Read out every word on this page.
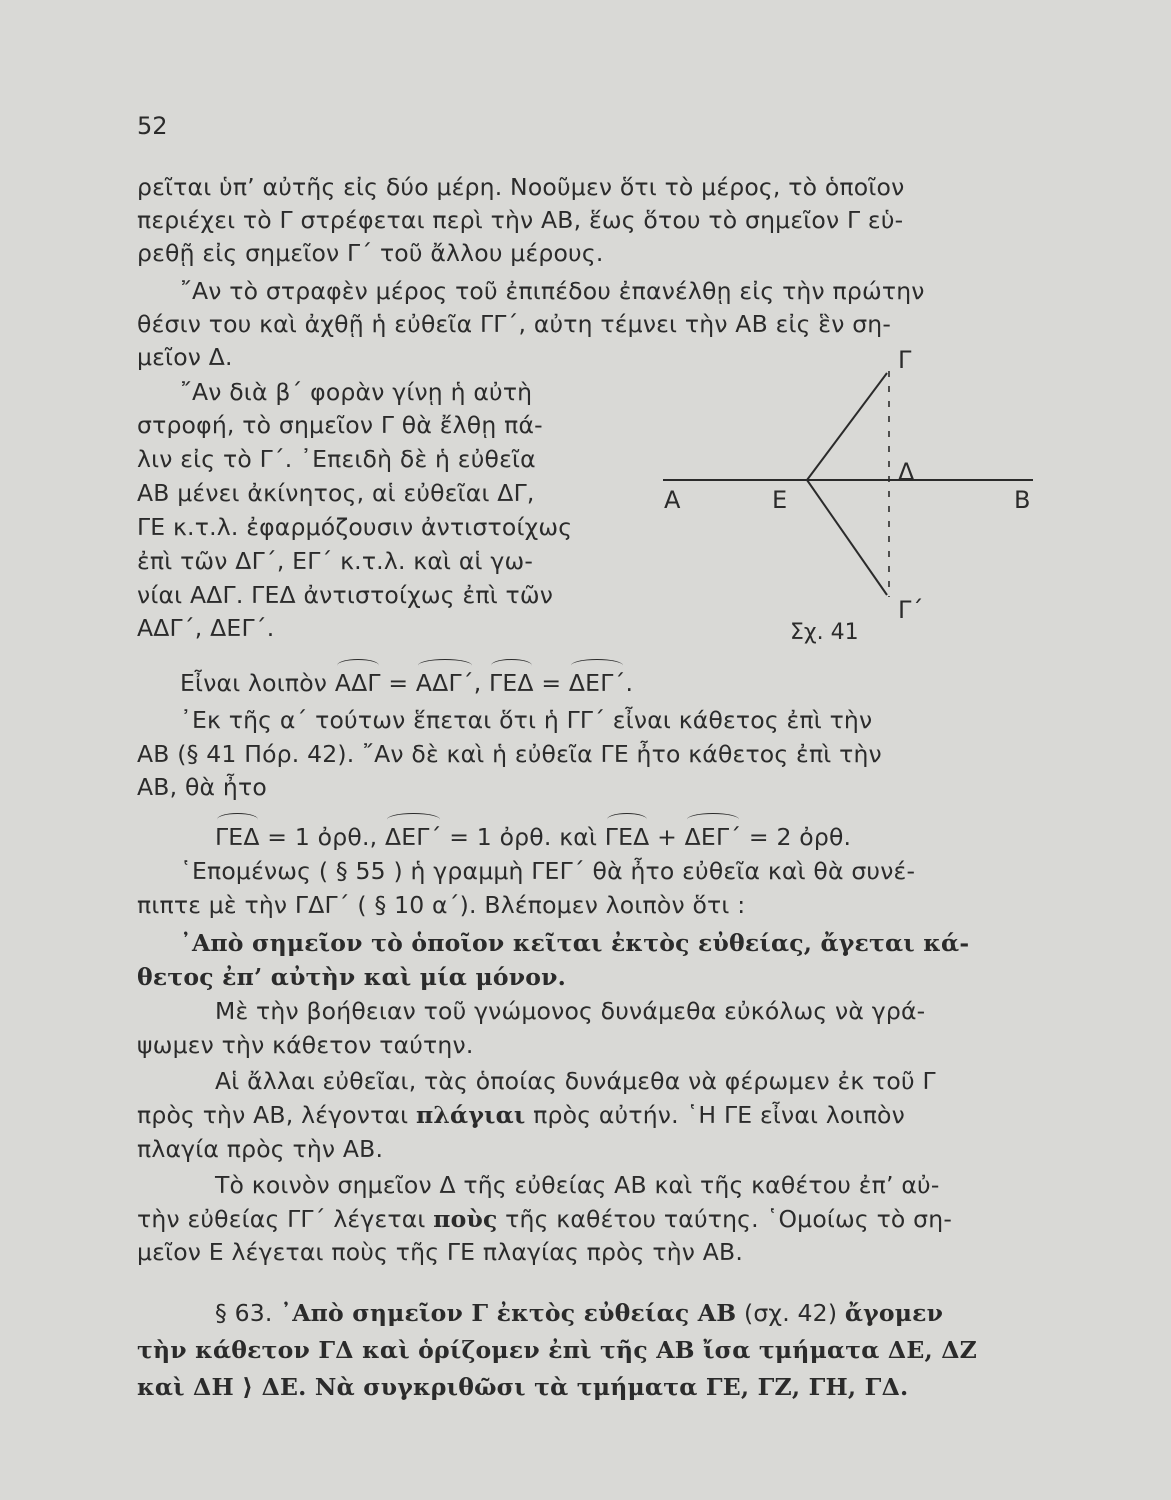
52
ρεῖται ὑπ’ αὐτῆς εἰς δύο μέρη. Νοοῦμεν ὅτι τὸ μέρος, τὸ ὁποῖον
περιέχει τὸ Γ στρέφεται περὶ τὴν ΑΒ, ἕως ὅτου τὸ σημεῖον Γ εὑ-
ρεθῇ εἰς σημεῖον Γ΄ τοῦ ἄλλου μέρους.
῎Αν τὸ στραφὲν μέρος τοῦ ἐπιπέδου ἐπανέλθῃ εἰς τὴν πρώτην
θέσιν του καὶ ἀχθῇ ἡ εὐθεῖα ΓΓ΄, αὐτη τέμνει τὴν ΑΒ εἰς ἓν ση-
μεῖον Δ.
῎Αν διὰ β΄ φορὰν γίνῃ ἡ αὐτὴ
στροφή, τὸ σημεῖον Γ θὰ ἔλθῃ πά-
λιν εἰς τὸ Γ΄. ᾿Επειδὴ δὲ ἡ εὐθεῖα
ΑΒ μένει ἀκίνητος, αἱ εὐθεῖαι ΔΓ,
ΓΕ κ.τ.λ. ἐφαρμόζουσιν ἀντιστοίχως
ἐπὶ τῶν ΔΓ΄, ΕΓ΄ κ.τ.λ. καὶ αἱ γω-
νίαι ΑΔΓ. ΓΕΔ ἀντιστοίχως ἐπὶ τῶν
ΑΔΓ΄, ΔΕΓ΄.
Γ
Δ
Α	Ε	Β
Γ΄
Σχ. 41
Εἶναι λοιπὸν ΑΔΓ = ΑΔΓ΄, ΓΕΔ = ΔΕΓ΄.
᾿Εκ τῆς α΄ τούτων ἕπεται ὅτι ἡ ΓΓ΄ εἶναι κάθετος ἐπὶ τὴν
ΑΒ (§ 41 Πόρ. 42). ῎Αν δὲ καὶ ἡ εὐθεῖα ΓΕ ἦτο κάθετος ἐπὶ τὴν
ΑΒ, θὰ ἦτο
ΓΕΔ = 1 ὀρθ., ΔΕΓ΄ = 1 ὀρθ. καὶ ΓΕΔ + ΔΕΓ΄ = 2 ὀρθ.
῾Επομένως ( § 55 ) ἡ γραμμὴ ΓΕΓ΄ θὰ ἦτο εὐθεῖα καὶ θὰ συνέ-
πιπτε μὲ τὴν ΓΔΓ΄ ( § 10 α΄). Βλέπομεν λοιπὸν ὅτι :
᾿Απὸ σημεῖον τὸ ὁποῖον κεῖται ἐκτὸς εὐθείας, ἄγεται κά-
θετος ἐπ’ αὐτὴν καὶ μία μόνον.
Μὲ τὴν βοήθειαν τοῦ γνώμονος δυνάμεθα εὐκόλως νὰ γρά-
ψωμεν τὴν κάθετον ταύτην.
Αἱ ἄλλαι εὐθεῖαι, τὰς ὁποίας δυνάμεθα νὰ φέρωμεν ἐκ τοῦ Γ
πρὸς τὴν ΑΒ, λέγονται πλάγιαι πρὸς αὐτήν. ῾Η ΓΕ εἶναι λοιπὸν
πλαγία πρὸς τὴν ΑΒ.
Τὸ κοινὸν σημεῖον Δ τῆς εὐθείας ΑΒ καὶ τῆς καθέτου ἐπ’ αὐ-
τὴν εὐθείας ΓΓ΄ λέγεται ποὺς τῆς καθέτου ταύτης. ῾Ομοίως τὸ ση-
μεῖον Ε λέγεται ποὺς τῆς ΓΕ πλαγίας πρὸς τὴν ΑΒ.
§ 63. ᾿Απὸ σημεῖον Γ ἐκτὸς εὐθείας ΑΒ (σχ. 42) ἄγομεν
τὴν κάθετον ΓΔ καὶ ὁρίζομεν ἐπὶ τῆς ΑΒ ἴσα τμήματα ΔΕ, ΔΖ
καὶ ΔΗ ⟩ ΔΕ. Νὰ συγκριθῶσι τὰ τμήματα ΓΕ, ΓΖ, ΓΗ, ΓΔ.
